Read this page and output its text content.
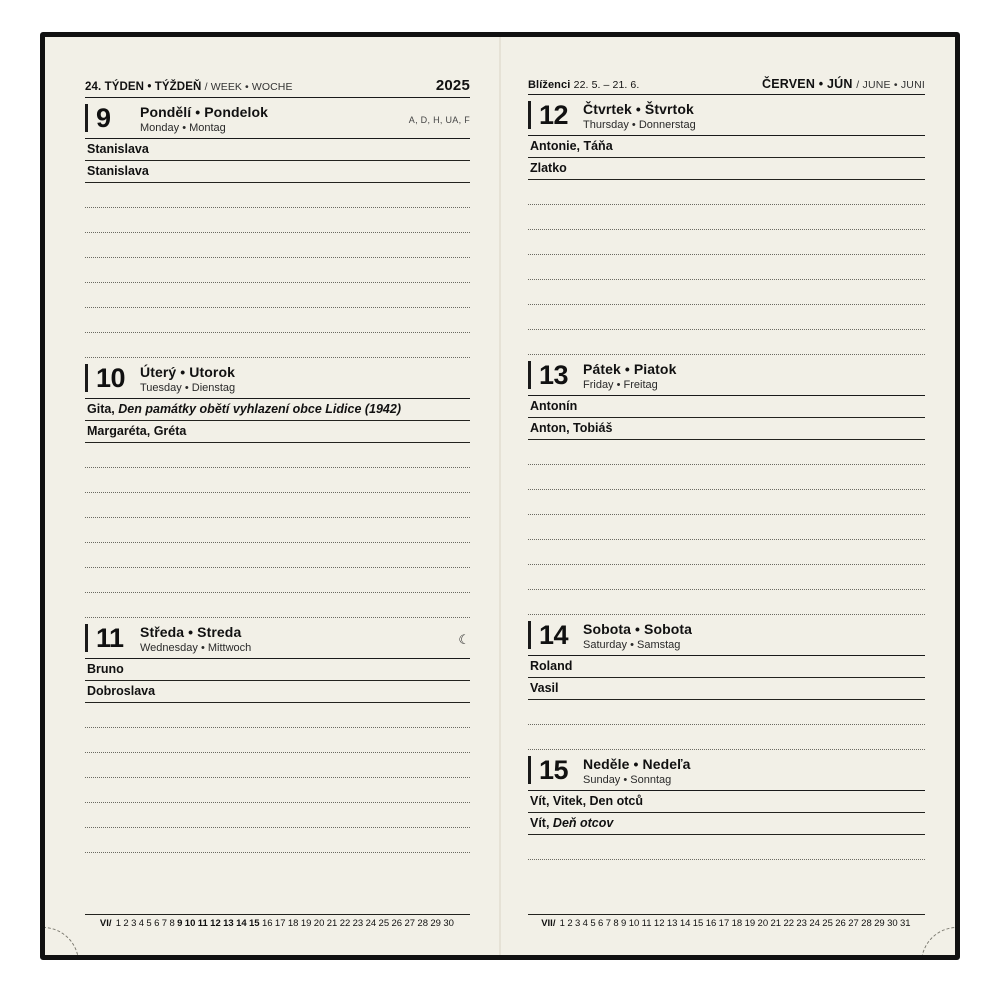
24. TÝDEN • TÝŽDEŇ / WEEK • WOCHE	2025
9	Pondělí • Pondelok
Monday • Montag
A, D, H, UA, F
Stanislava
Stanislava
10	Úterý • Utorok
Tuesday • Dienstag
Gita, Den památky obětí vyhlazení obce Lidice (1942)
Margaréta, Gréta
11	Středa • Streda
Wednesday • Mittwoch
☾
Bruno
Dobroslava
VI/ 1 2 3 4 5 6 7 8 9 10 11 12 13 14 15 16 17 18 19 20 21 22 23 24 25 26 27 28 29 30
Blíženci 22. 5. – 21. 6.	ČERVEN • JÚN / JUNE • JUNI
12	Čtvrtek • Štvrtok
Thursday • Donnerstag
Antonie, Táňa
Zlatko
13	Pátek • Piatok
Friday • Freitag
Antonín
Anton, Tobiáš
14	Sobota • Sobota
Saturday • Samstag
Roland
Vasil
15	Neděle • Nedeľa
Sunday • Sonntag
Vít, Vitek, Den otců
Vít, Deň otcov
VII/ 1 2 3 4 5 6 7 8 9 10 11 12 13 14 15 16 17 18 19 20 21 22 23 24 25 26 27 28 29 30 31
